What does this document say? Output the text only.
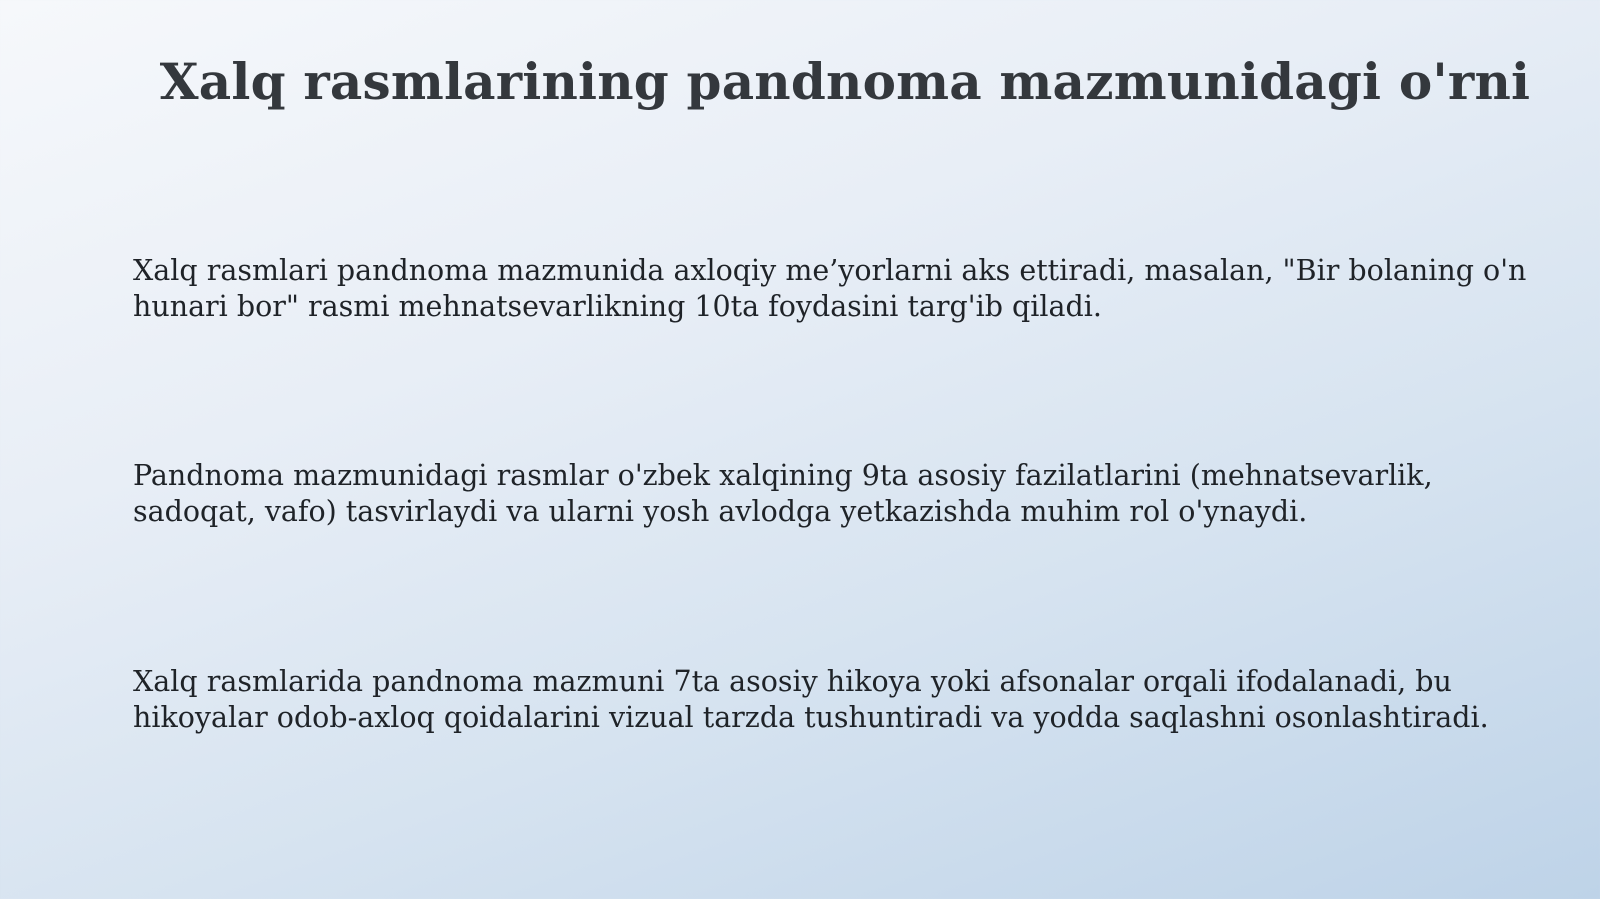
Xalq rasmlarining pandnoma mazmunidagi o'rni

Xalq rasmlari pandnoma mazmunida axloqiy me’yorlarni aks ettiradi, masalan, "Bir bolaning o'n hunari bor" rasmi mehnatsevarlikning 10ta foydasini targ'ib qiladi.

Pandnoma mazmunidagi rasmlar o'zbek xalqining 9ta asosiy fazilatlarini (mehnatsevarlik, sadoqat, vafo) tasvirlaydi va ularni yosh avlodga yetkazishda muhim rol o'ynaydi.

Xalq rasmlarida pandnoma mazmuni 7ta asosiy hikoya yoki afsonalar orqali ifodalanadi, bu hikoyalar odob-axloq qoidalarini vizual tarzda tushuntiradi va yodda saqlashni osonlashtiradi.
